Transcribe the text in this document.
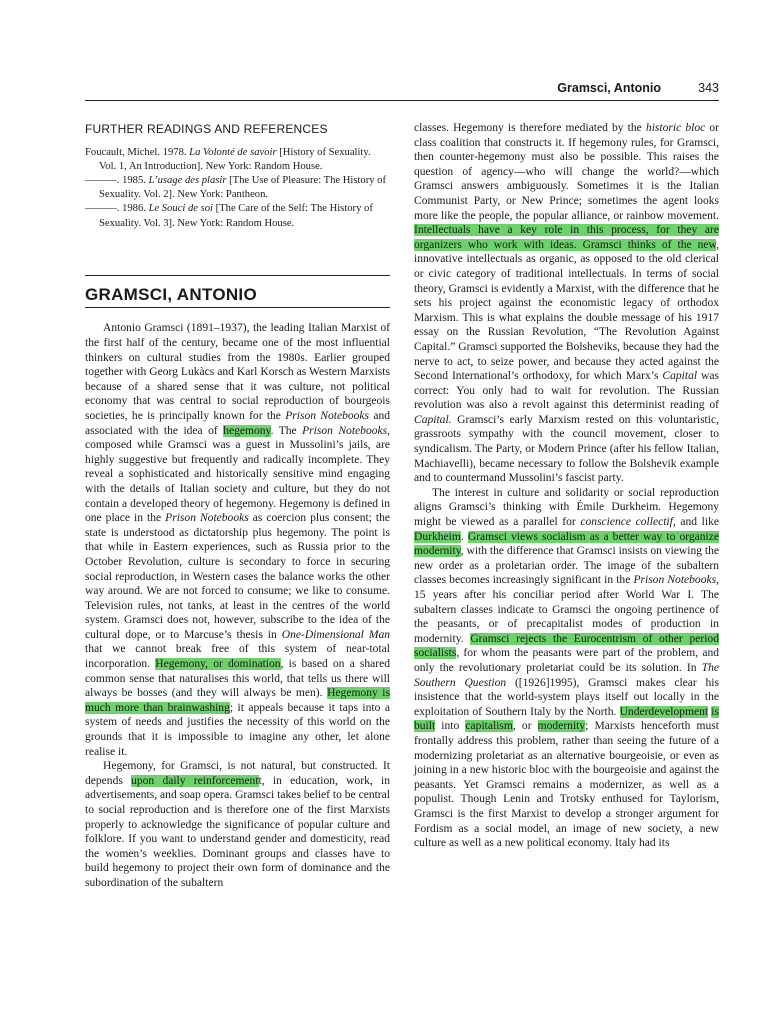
Gramsci, Antonio	343
FURTHER READINGS AND REFERENCES

Foucault, Michel. 1978. La Volonté de savoir [History of Sexuality. Vol. 1, An Introduction]. New York: Random House.

———. 1985. L’usage des plasir [The Use of Pleasure: The History of Sexuality. Vol. 2]. New York: Pantheon.

———. 1986. Le Souci de soi [The Care of the Self: The History of Sexuality. Vol. 3]. New York: Random House.

GRAMSCI, ANTONIO

Antonio Gramsci (1891–1937), the leading Italian Marxist of the first half of the century, became one of the most influential thinkers on cultural studies from the 1980s. Earlier grouped together with Georg Lukàcs and Karl Korsch as Western Marxists because of a shared sense that it was culture, not political economy that was central to social reproduction of bourgeois societies, he is principally known for the Prison Notebooks and associated with the idea of hegemony. The Prison Notebooks, composed while Gramsci was a guest in Mussolini’s jails, are highly suggestive but frequently and radically incomplete. They reveal a sophisticated and historically sensitive mind engaging with the details of Italian society and culture, but they do not contain a developed theory of hegemony. Hegemony is defined in one place in the Prison Notebooks as coercion plus consent; the state is understood as dictatorship plus hegemony. The point is that while in Eastern experiences, such as Russia prior to the October Revolution, culture is secondary to force in securing social reproduction, in Western cases the balance works the other way around. We are not forced to consume; we like to consume. Television rules, not tanks, at least in the centres of the world system. Gramsci does not, however, subscribe to the idea of the cultural dope, or to Marcuse’s thesis in One-Dimensional Man that we cannot break free of this system of near-total incorporation. Hegemony, or domination, is based on a shared common sense that naturalises this world, that tells us there will always be bosses (and they will always be men). Hegemony is much more than brainwashing; it appeals because it taps into a system of needs and justifies the necessity of this world on the grounds that it is impossible to imagine any other, let alone realise it.

Hegemony, for Gramsci, is not natural, but constructed. It depends upon daily reinforcementt, in education, work, in advertisements, and soap opera. Gramsci takes belief to be central to social reproduction and is therefore one of the first Marxists properly to acknowledge the significance of popular culture and folklore. If you want to understand gender and domesticity, read the women’s weeklies. Dominant groups and classes have to build hegemony to project their own form of dominance and the subordination of the subaltern

classes. Hegemony is therefore mediated by the historic bloc or class coalition that constructs it. If hegemony rules, for Gramsci, then counter-hegemony must also be possible. This raises the question of agency—who will change the world?—which Gramsci answers ambiguously. Sometimes it is the Italian Communist Party, or New Prince; sometimes the agent looks more like the people, the popular alliance, or rainbow movement. Intellectuals have a key role in this process, for they are organizers who work with ideas. Gramsci thinks of the new, innovative intellectuals as organic, as opposed to the old clerical or civic category of traditional intellectuals. In terms of social theory, Gramsci is evidently a Marxist, with the difference that he sets his project against the economistic legacy of orthodox Marxism. This is what explains the double message of his 1917 essay on the Russian Revolution, “The Revolution Against Capital.” Gramsci supported the Bolsheviks, because they had the nerve to act, to seize power, and because they acted against the Second International’s orthodoxy, for which Marx’s Capital was correct: You only had to wait for revolution. The Russian revolution was also a revolt against this determinist reading of Capital. Gramsci’s early Marxism rested on this voluntaristic, grassroots sympathy with the council movement, closer to syndicalism. The Party, or Modern Prince (after his fellow Italian, Machiavelli), became necessary to follow the Bolshevik example and to countermand Mussolini’s fascist party.

The interest in culture and solidarity or social reproduction aligns Gramsci’s thinking with Émile Durkheim. Hegemony might be viewed as a parallel for conscience collectif, and like Durkheim. Gramsci views socialism as a better way to organize modernity, with the difference that Gramsci insists on viewing the new order as a proletarian order. The image of the subaltern classes becomes increasingly significant in the Prison Notebooks, 15 years after his conciliar period after World War I. The subaltern classes indicate to Gramsci the ongoing pertinence of the peasants, or of precapitalist modes of production in modernity. Gramsci rejects the Eurocentrism of other period socialists, for whom the peasants were part of the problem, and only the revolutionary proletariat could be its solution. In The Southern Question ([1926]1995), Gramsci makes clear his insistence that the world-system plays itself out locally in the exploitation of Southern Italy by the North. Underdevelopment is built into capitalism, or modernity; Marxists henceforth must frontally address this problem, rather than seeing the future of a modernizing proletariat as an alternative bourgeoisie, or even as joining in a new historic bloc with the bourgeoisie and against the peasants. Yet Gramsci remains a modernizer, as well as a populist. Though Lenin and Trotsky enthused for Taylorism, Gramsci is the first Marxist to develop a stronger argument for Fordism as a social model, an image of new society, a new culture as well as a new political economy. Italy had its
